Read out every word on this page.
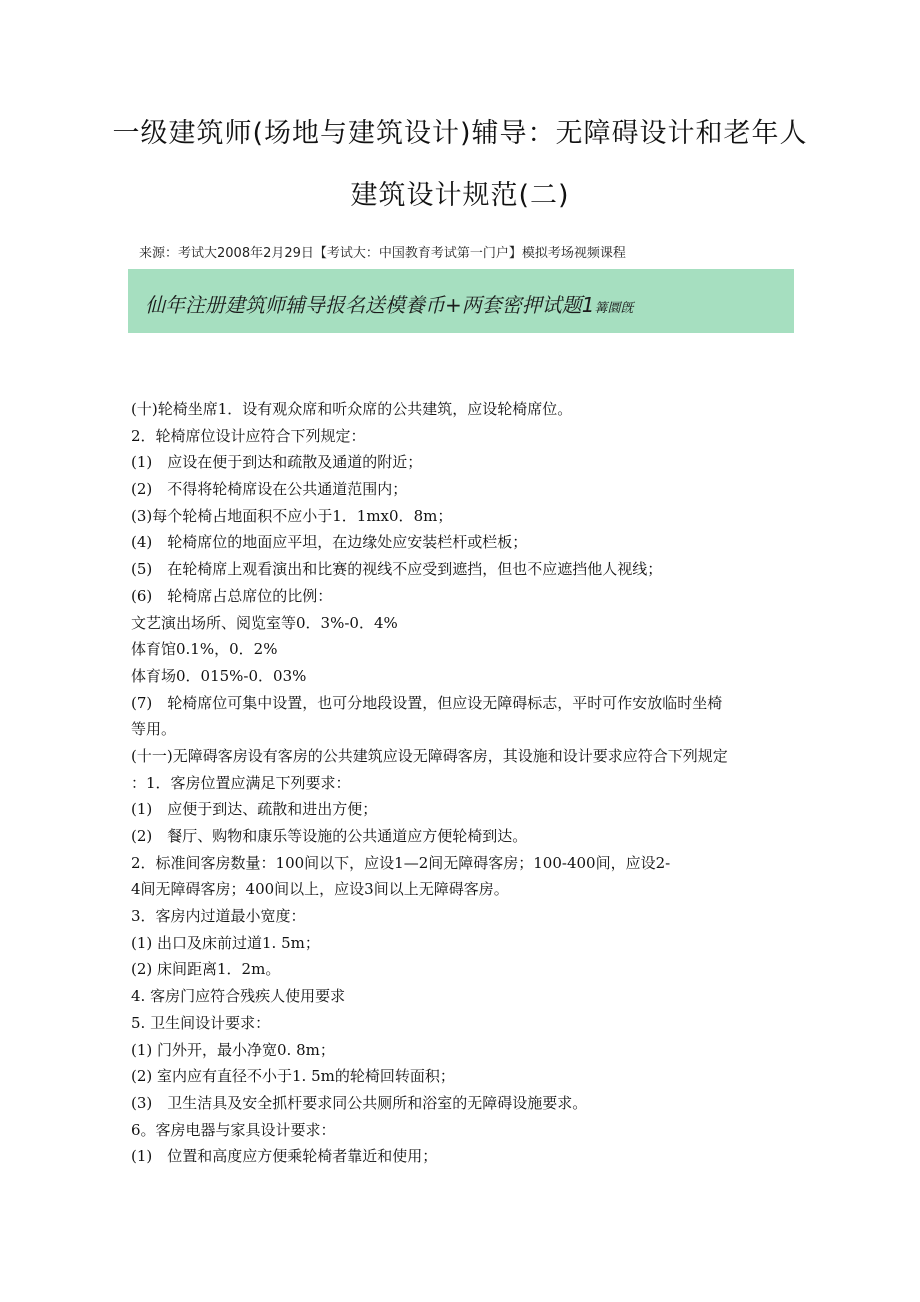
一级建筑师(场地与建筑设计)辅导：无障碍设计和老年人
建筑设计规范(二)
来源：考试大2008年2月29日【考试大：中国教育考试第一门户】模拟考场视频课程
仙年注册建筑师辅导报名送模養币+两套密押试题1篝圜旣
(十)轮椅坐席1．设有观众席和听众席的公共建筑，应设轮椅席位。
2．轮椅席位设计应符合下列规定：
(1)　应设在便于到达和疏散及通道的附近；
(2)　不得将轮椅席设在公共通道范围内；
(3)每个轮椅占地面积不应小于1．1mx0．8m；
(4)　轮椅席位的地面应平坦，在边缘处应安装栏杆或栏板；
(5)　在轮椅席上观看演出和比赛的视线不应受到遮挡，但也不应遮挡他人视线；
(6)　轮椅席占总席位的比例：
文艺演出场所、阅览室等0．3%-0．4%
体育馆0.1%，0．2%
体育场0．015%-0．03%
(7)　轮椅席位可集中设置，也可分地段设置，但应设无障碍标志，平时可作安放临时坐椅
等用。
(十一)无障碍客房设有客房的公共建筑应设无障碍客房，其设施和设计要求应符合下列规定
：1．客房位置应满足下列要求：
(1)　应便于到达、疏散和进出方便；
(2)　餐厅、购物和康乐等设施的公共通道应方便轮椅到达。
2．标准间客房数量：100间以下，应设1—2间无障碍客房；100-400间，应设2-
4间无障碍客房；400间以上，应设3间以上无障碍客房。
3．客房内过道最小宽度：
(1) 出口及床前过道1. 5m；
(2) 床间距离1．2m。
4. 客房门应符合残疾人使用要求
5. 卫生间设计要求：
(1) 门外开，最小净宽0. 8m；
(2) 室内应有直径不小于1. 5m的轮椅回转面积；
(3)　卫生洁具及安全抓杆要求同公共厕所和浴室的无障碍设施要求。
6。客房电器与家具设计要求：
(1)　位置和高度应方便乘轮椅者靠近和使用；
